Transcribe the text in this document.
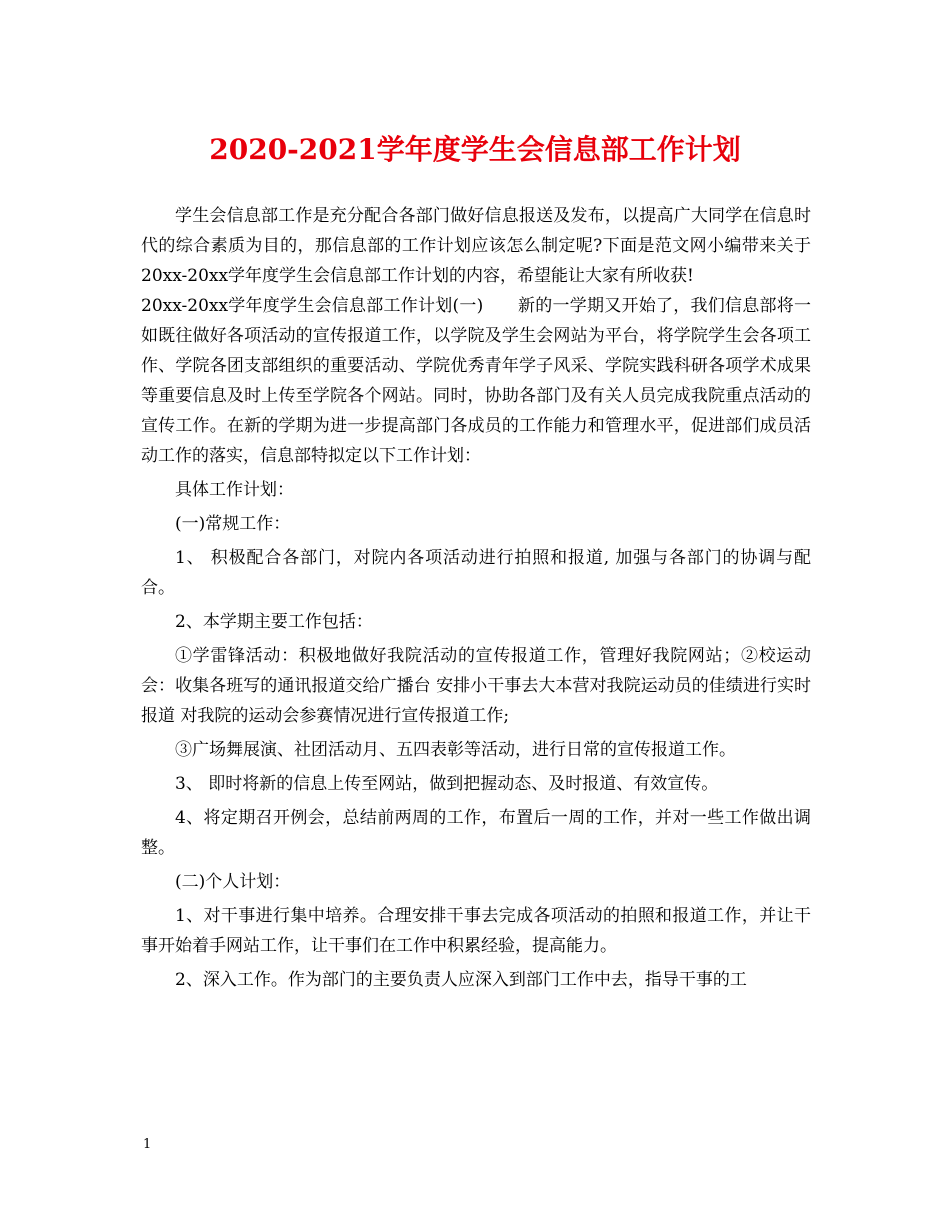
2020-2021学年度学生会信息部工作计划

学生会信息部工作是充分配合各部门做好信息报送及发布，以提高广大同学在信息时代的综合素质为目的，那信息部的工作计划应该怎么制定呢?下面是范文网小编带来关于20xx-20xx学年度学生会信息部工作计划的内容，希望能让大家有所收获!

20xx-20xx学年度学生会信息部工作计划(一)　　新的一学期又开始了，我们信息部将一如既往做好各项活动的宣传报道工作，以学院及学生会网站为平台，将学院学生会各项工作、学院各团支部组织的重要活动、学院优秀青年学子风采、学院实践科研各项学术成果等重要信息及时上传至学院各个网站。同时，协助各部门及有关人员完成我院重点活动的宣传工作。在新的学期为进一步提高部门各成员的工作能力和管理水平，促进部们成员活动工作的落实，信息部特拟定以下工作计划：

具体工作计划：

(一)常规工作：

1、 积极配合各部门，对院内各项活动进行拍照和报道, 加强与各部门的协调与配合。

2、本学期主要工作包括：

①学雷锋活动：积极地做好我院活动的宣传报道工作，管理好我院网站；②校运动会：收集各班写的通讯报道交给广播台 安排小干事去大本营对我院运动员的佳绩进行实时报道 对我院的运动会参赛情况进行宣传报道工作;

③广场舞展演、社团活动月、五四表彰等活动，进行日常的宣传报道工作。

3、 即时将新的信息上传至网站，做到把握动态、及时报道、有效宣传。

4、将定期召开例会，总结前两周的工作，布置后一周的工作，并对一些工作做出调整。

(二)个人计划：

1、对干事进行集中培养。合理安排干事去完成各项活动的拍照和报道工作，并让干事开始着手网站工作，让干事们在工作中积累经验，提高能力。

2、深入工作。作为部门的主要负责人应深入到部门工作中去，指导干事的工

1
